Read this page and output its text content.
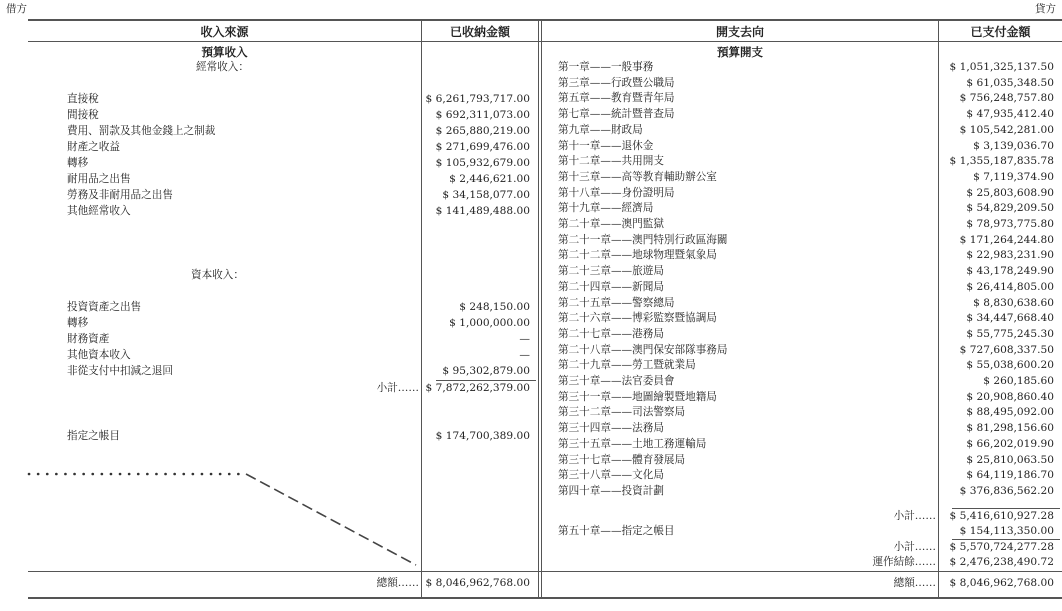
借方	貸方
收入來源	已收納金額	開支去向	已支付金額
預算收入
經常收入：
直接稅	$ 6,261,793,717.00
間接稅	$ 692,311,073.00
費用、罰款及其他金錢上之制裁	$ 265,880,219.00
財產之收益	$ 271,699,476.00
轉移	$ 105,932,679.00
耐用品之出售	$ 2,446,621.00
勞務及非耐用品之出售	$ 34,158,077.00
其他經常收入	$ 141,489,488.00
資本收入：
投資資產之出售	$ 248,150.00
轉移	$ 1,000,000.00
財務資產	—
其他資本收入	—
非從支付中扣減之退回	$ 95,302,879.00
小計…… $ 7,872,262,379.00
指定之帳目	$ 174,700,389.00
總額…… $ 8,046,962,768.00
預算開支
第一章——一般事務	$ 1,051,325,137.50
第三章——行政暨公職局	$ 61,035,348.50
第五章——教育暨青年局	$ 756,248,757.80
第七章——統計暨普查局	$ 47,935,412.40
第九章——財政局	$ 105,542,281.00
第十一章——退休金	$ 3,139,036.70
第十二章——共用開支	$ 1,355,187,835.78
第十三章——高等教育輔助辦公室	$ 7,119,374.90
第十八章——身份證明局	$ 25,803,608.90
第十九章——經濟局	$ 54,829,209.50
第二十章——澳門監獄	$ 78,973,775.80
第二十一章——澳門特別行政區海關	$ 171,264,244.80
第二十二章——地球物理暨氣象局	$ 22,983,231.90
第二十三章——旅遊局	$ 43,178,249.90
第二十四章——新聞局	$ 26,414,805.00
第二十五章——警察總局	$ 8,830,638.60
第二十六章——博彩監察暨協調局	$ 34,447,668.40
第二十七章——港務局	$ 55,775,245.30
第二十八章——澳門保安部隊事務局	$ 727,608,337.50
第二十九章——勞工暨就業局	$ 55,038,600.20
第三十章——法官委員會	$ 260,185.60
第三十一章——地圖繪製暨地籍局	$ 20,908,860.40
第三十二章——司法警察局	$ 88,495,092.00
第三十四章——法務局	$ 81,298,156.60
第三十五章——土地工務運輸局	$ 66,202,019.90
第三十七章——體育發展局	$ 25,810,063.50
第三十八章——文化局	$ 64,119,186.70
第四十章——投資計劃	$ 376,836,562.20
小計……	$ 5,416,610,927.28
第五十章——指定之帳目	$ 154,113,350.00
小計……	$ 5,570,724,277.28
運作結餘……	$ 2,476,238,490.72
總額……	$ 8,046,962,768.00
